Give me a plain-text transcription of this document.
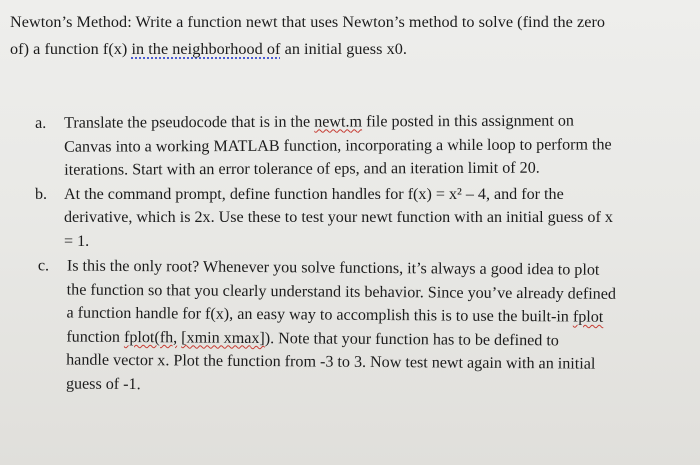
Newton’s Method: Write a function newt that uses Newton’s method to solve (find the zero
of) a function f(x) in the neighborhood of an initial guess x0.
a. Translate the pseudocode that is in the newt.m file posted in this assignment on
Canvas into a working MATLAB function, incorporating a while loop to perform the
iterations. Start with an error tolerance of eps, and an iteration limit of 20.
b. At the command prompt, define function handles for f(x) = x² – 4, and for the
derivative, which is 2x. Use these to test your newt function with an initial guess of x
= 1.
c. Is this the only root? Whenever you solve functions, it’s always a good idea to plot
the function so that you clearly understand its behavior. Since you’ve already defined
a function handle for f(x), an easy way to accomplish this is to use the built-in fplot
function fplot(fh, [xmin xmax]). Note that your function has to be defined to
handle vector x. Plot the function from -3 to 3. Now test newt again with an initial
guess of -1.
